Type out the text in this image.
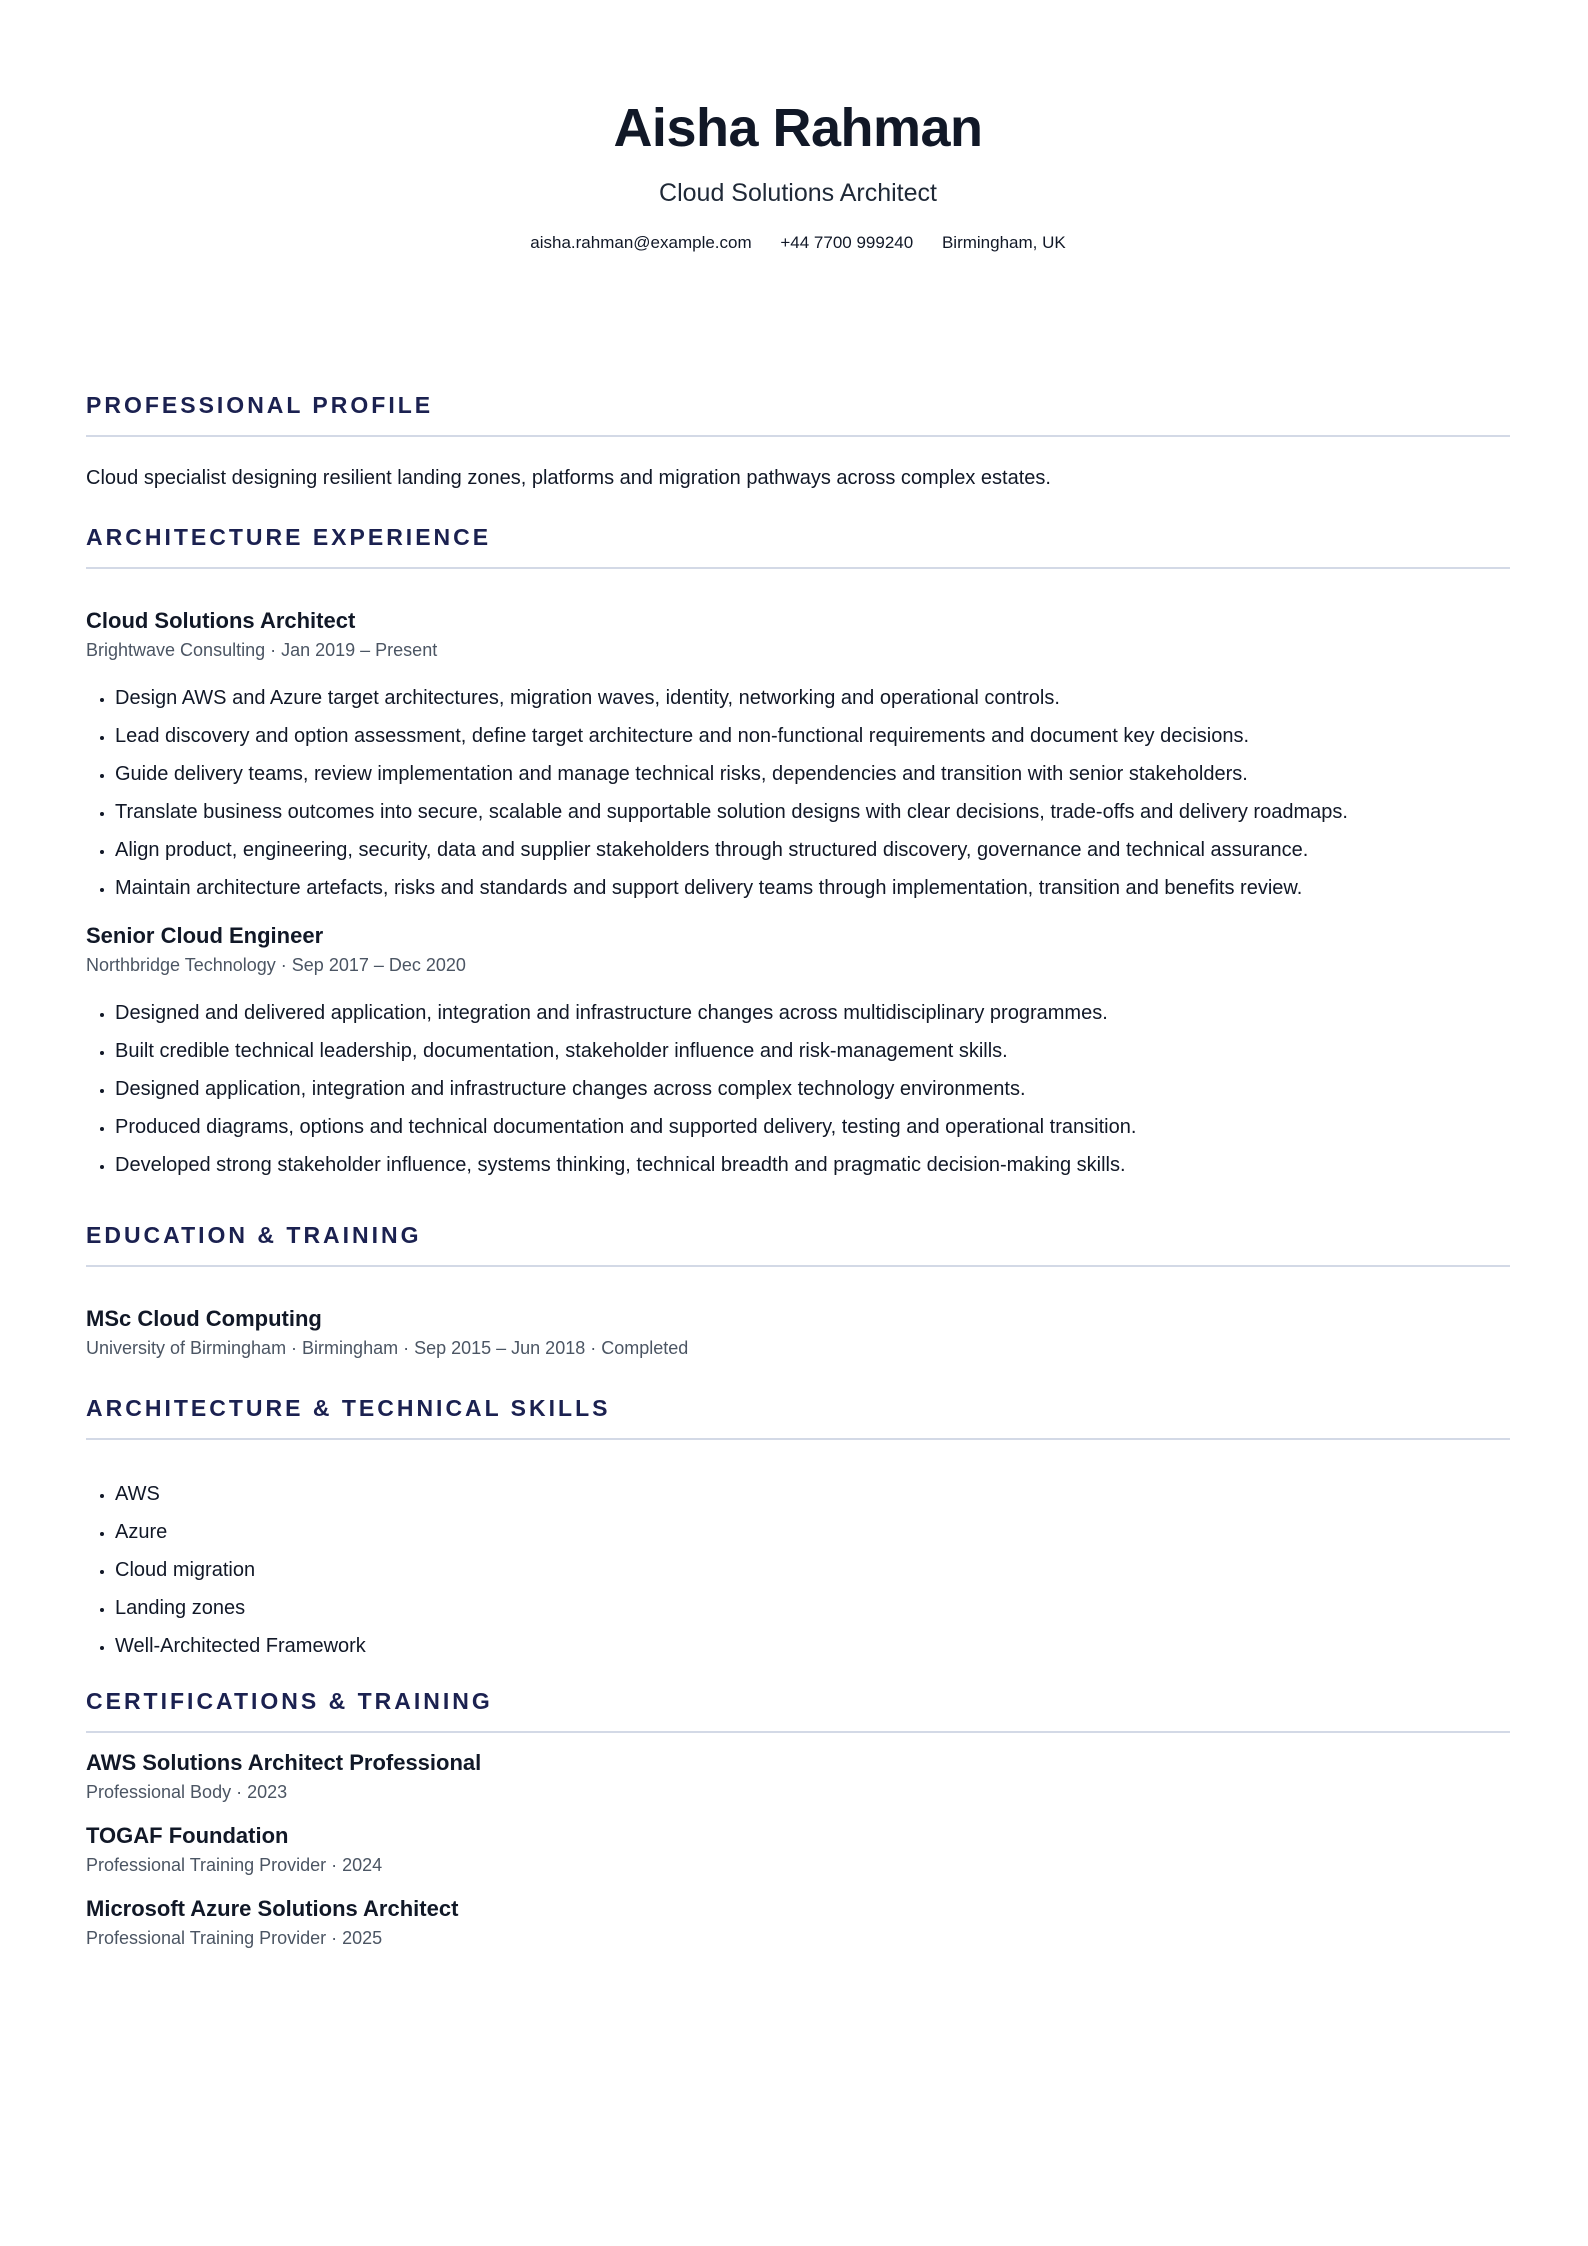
Aisha Rahman
Cloud Solutions Architect
aisha.rahman@example.com +44 7700 999240 Birmingham, UK
PROFESSIONAL PROFILE
Cloud specialist designing resilient landing zones, platforms and migration pathways across complex estates.
ARCHITECTURE EXPERIENCE
Cloud Solutions Architect
Brightwave Consulting · Jan 2019 – Present
• Design AWS and Azure target architectures, migration waves, identity, networking and operational controls.
• Lead discovery and option assessment, define target architecture and non-functional requirements and document key decisions.
• Guide delivery teams, review implementation and manage technical risks, dependencies and transition with senior stakeholders.
• Translate business outcomes into secure, scalable and supportable solution designs with clear decisions, trade-offs and delivery roadmaps.
• Align product, engineering, security, data and supplier stakeholders through structured discovery, governance and technical assurance.
• Maintain architecture artefacts, risks and standards and support delivery teams through implementation, transition and benefits review.
Senior Cloud Engineer
Northbridge Technology · Sep 2017 – Dec 2020
• Designed and delivered application, integration and infrastructure changes across multidisciplinary programmes.
• Built credible technical leadership, documentation, stakeholder influence and risk-management skills.
• Designed application, integration and infrastructure changes across complex technology environments.
• Produced diagrams, options and technical documentation and supported delivery, testing and operational transition.
• Developed strong stakeholder influence, systems thinking, technical breadth and pragmatic decision-making skills.
EDUCATION & TRAINING
MSc Cloud Computing
University of Birmingham · Birmingham · Sep 2015 – Jun 2018 · Completed
ARCHITECTURE & TECHNICAL SKILLS
• AWS
• Azure
• Cloud migration
• Landing zones
• Well-Architected Framework
CERTIFICATIONS & TRAINING
AWS Solutions Architect Professional
Professional Body · 2023
TOGAF Foundation
Professional Training Provider · 2024
Microsoft Azure Solutions Architect
Professional Training Provider · 2025
